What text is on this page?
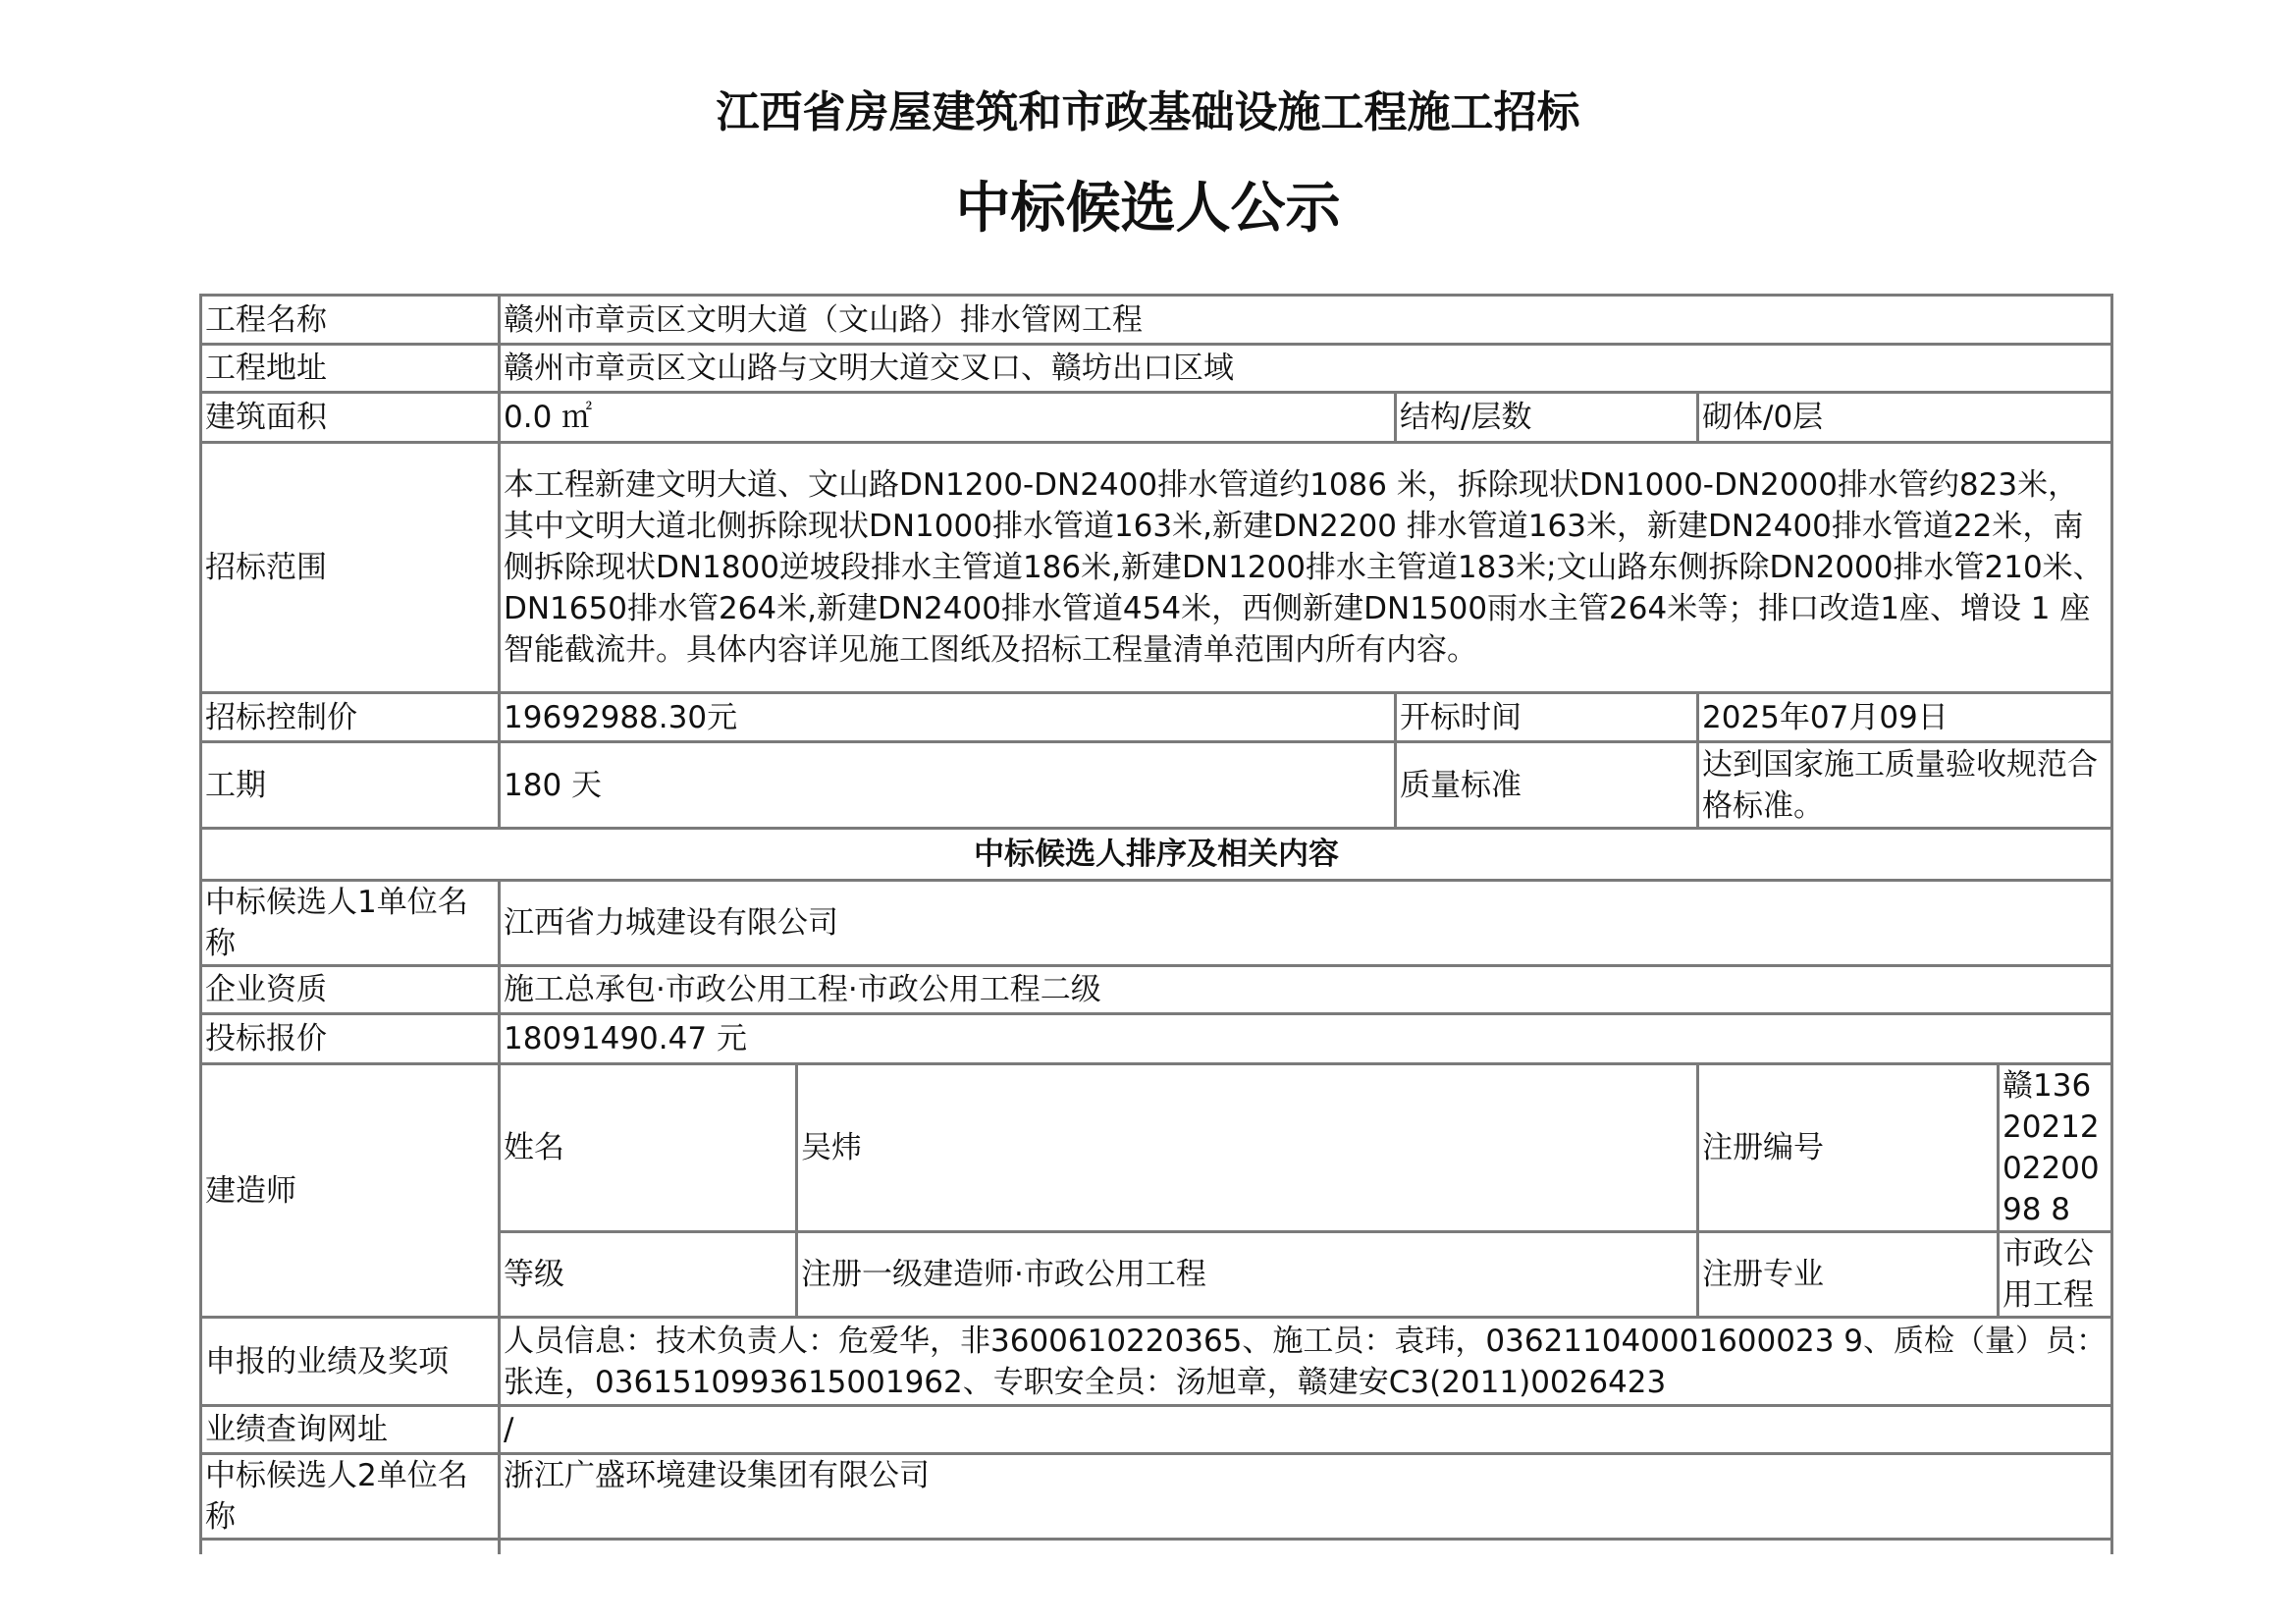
江西省房屋建筑和市政基础设施工程施工招标
中标候选人公示
工程名称	赣州市章贡区文明大道（文山路）排水管网工程				
工程地址	赣州市章贡区文山路与文明大道交叉口、赣坊出口区域				
建筑面积	0.0 ㎡		结构/层数	砌体/0层	
招标范围	本工程新建文明大道、文山路DN1200-DN2400排水管道约1086 米，拆除现状DN1000-DN2000排水管约823米，其中文明大道北侧拆除现状DN1000排水管道163米,新建DN2200 排水管道163米，新建DN2400排水管道22米，南侧拆除现状DN1800逆坡段排水主管道186米,新建DN1200排水主管道183米;文山路东侧拆除DN2000排水管210米、DN1650排水管264米,新建DN2400排水管道454米，西侧新建DN1500雨水主管264米等；排口改造1座、增设 1 座智能截流井。具体内容详见施工图纸及招标工程量清单范围内所有内容。				
招标控制价	19692988.30元		开标时间	2025年07月09日	
工期	180 天		质量标准	达到国家施工质量验收规范合格标准。	
中标候选人排序及相关内容					
中标候选人1单位名称	江西省力城建设有限公司				
企业资质	施工总承包·市政公用工程·市政公用工程二级				
投标报价	18091490.47 元				
建造师	姓名	吴炜		注册编号	赣136202120220098 8
	等级	注册一级建造师·市政公用工程		注册专业	市政公用工程
申报的业绩及奖项	人员信息：技术负责人：危爱华，非3600610220365、施工员：袁玮，036211040001600023 9、质检（量）员：张连，0361510993615001962、专职安全员：汤旭章，赣建安C3(2011)0026423				
业绩查询网址	/				
中标候选人2单位名称	浙江广盛环境建设集团有限公司				
